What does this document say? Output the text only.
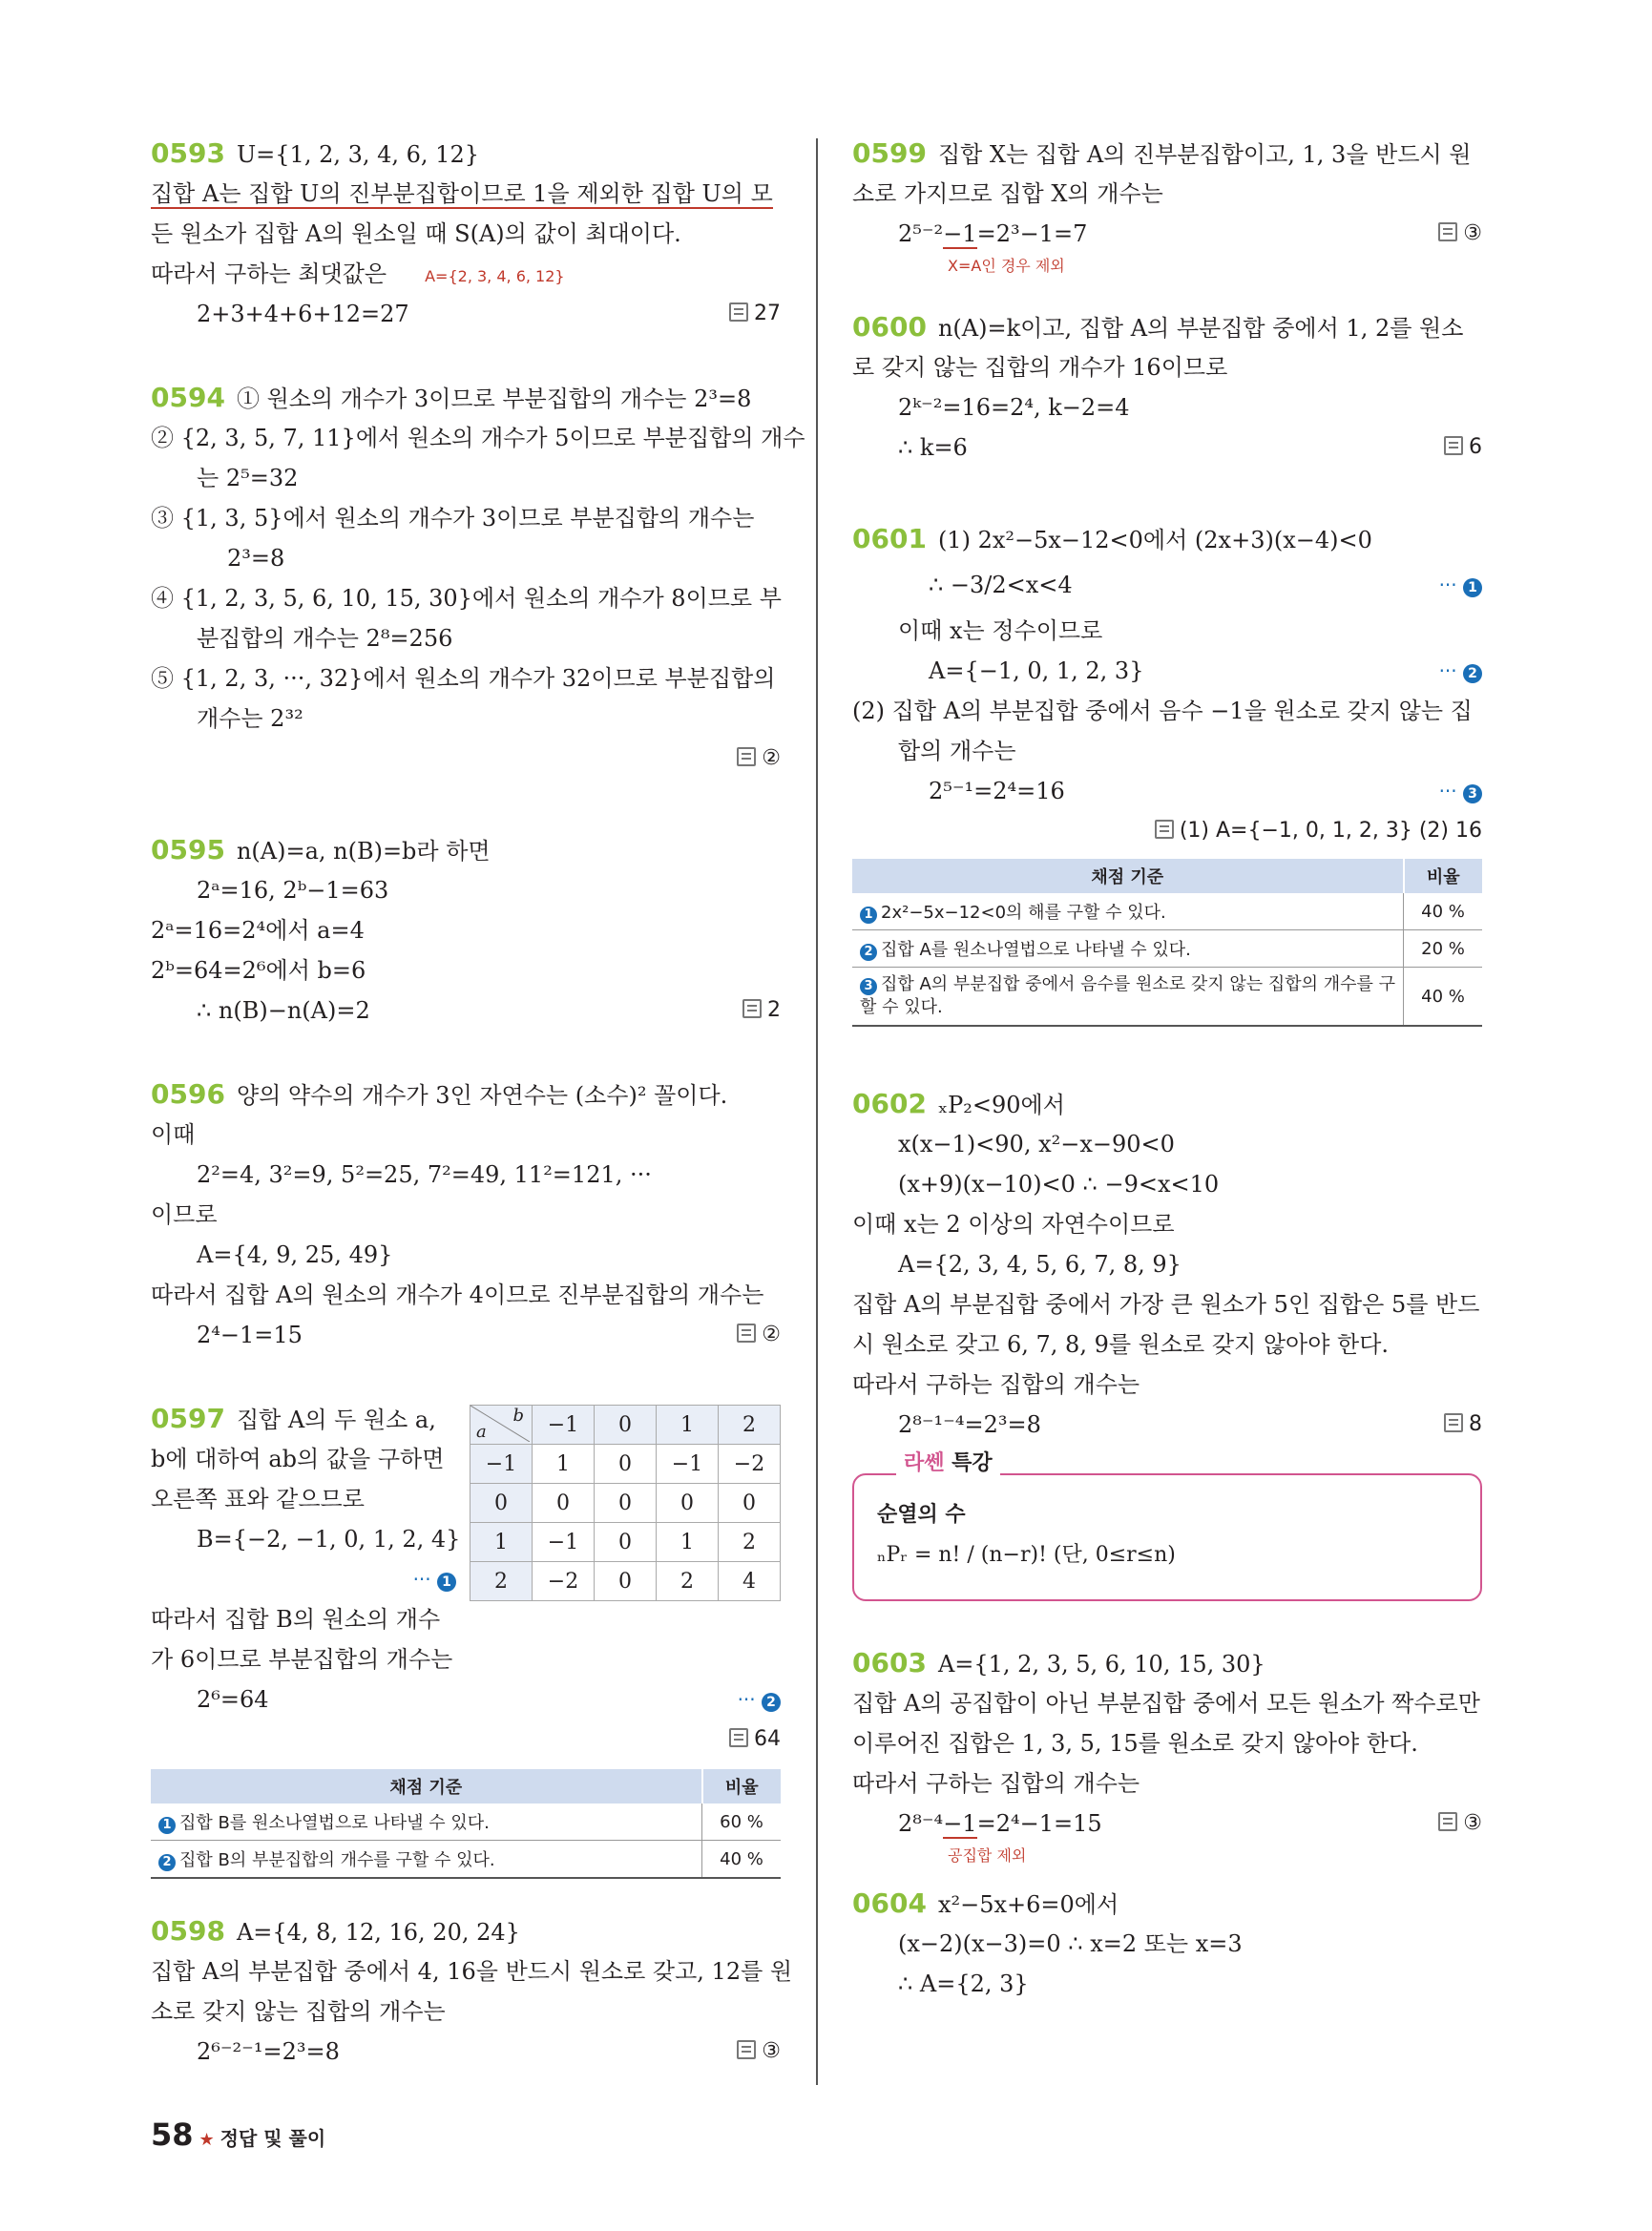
0593 U={1, 2, 3, 4, 6, 12}
집합 A는 집합 U의 진부분집합이므로 1을 제외한 집합 U의 모
든 원소가 집합 A의 원소일 때 S(A)의 값이 최대이다.
따라서 구하는 최댓값은	A={2, 3, 4, 6, 12}
2+3+4+6+12=27	27
0594 ① 원소의 개수가 3이므로 부분집합의 개수는 2³=8
② {2, 3, 5, 7, 11}에서 원소의 개수가 5이므로 부분집합의 개수
는 2⁵=32
③ {1, 3, 5}에서 원소의 개수가 3이므로 부분집합의 개수는
2³=8
④ {1, 2, 3, 5, 6, 10, 15, 30}에서 원소의 개수가 8이므로 부
분집합의 개수는 2⁸=256
⑤ {1, 2, 3, ···, 32}에서 원소의 개수가 32이므로 부분집합의
개수는 2³²
②
0595 n(A)=a, n(B)=b라 하면
2ᵃ=16, 2ᵇ−1=63
2ᵃ=16=2⁴에서 a=4
2ᵇ=64=2⁶에서 b=6
∴ n(B)−n(A)=2	2
0596 양의 약수의 개수가 3인 자연수는 (소수)² 꼴이다.
이때
2²=4, 3²=9, 5²=25, 7²=49, 11²=121, ···
이므로
A={4, 9, 25, 49}
따라서 집합 A의 원소의 개수가 4이므로 진부분집합의 개수는
2⁴−1=15	②
0597 집합 A의 두 원소 a,
b에 대하여 ab의 값을 구하면
오른쪽 표와 같으므로
B={−2, −1, 0, 1, 2, 4}
··· 1
따라서 집합 B의 원소의 개수
가 6이므로 부분집합의 개수는
2⁶=64	··· 2
64
a
b	−1	0	1	2
−1	1	0	−1	−2
0	0	0	0	0
1	−1	0	1	2
2	−2	0	2	4
채점 기준	비율
1 집합 B를 원소나열법으로 나타낼 수 있다.	60 %
2 집합 B의 부분집합의 개수를 구할 수 있다.	40 %
0598 A={4, 8, 12, 16, 20, 24}
집합 A의 부분집합 중에서 4, 16을 반드시 원소로 갖고, 12를 원
소로 갖지 않는 집합의 개수는
2⁶⁻²⁻¹=2³=8	③
0599 집합 X는 집합 A의 진부분집합이고, 1, 3을 반드시 원
소로 가지므로 집합 X의 개수는
2⁵⁻²−1=2³−1=7	③
X=A인 경우 제외
0600 n(A)=k이고, 집합 A의 부분집합 중에서 1, 2를 원소
로 갖지 않는 집합의 개수가 16이므로
2ᵏ⁻²=16=2⁴, k−2=4
∴ k=6	6
0601 (1) 2x²−5x−12<0에서 (2x+3)(x−4)<0
∴ −3/2<x<4	··· 1
이때 x는 정수이므로
A={−1, 0, 1, 2, 3}	··· 2
(2) 집합 A의 부분집합 중에서 음수 −1을 원소로 갖지 않는 집
합의 개수는
2⁵⁻¹=2⁴=16	··· 3
(1) A={−1, 0, 1, 2, 3} (2) 16
채점 기준	비율
1 2x²−5x−12<0의 해를 구할 수 있다.	40 %
2 집합 A를 원소나열법으로 나타낼 수 있다.	20 %
3 집합 A의 부분집합 중에서 음수를 원소로 갖지 않는 집합의 개수를 구할 수 있다.	40 %
0602 ₓP₂<90에서
x(x−1)<90, x²−x−90<0
(x+9)(x−10)<0 ∴ −9<x<10
이때 x는 2 이상의 자연수이므로
A={2, 3, 4, 5, 6, 7, 8, 9}
집합 A의 부분집합 중에서 가장 큰 원소가 5인 집합은 5를 반드
시 원소로 갖고 6, 7, 8, 9를 원소로 갖지 않아야 한다.
따라서 구하는 집합의 개수는
2⁸⁻¹⁻⁴=2³=8	8
라쎈 특강
순열의 수
ₙPᵣ = n! / (n−r)! (단, 0≤r≤n)
0603 A={1, 2, 3, 5, 6, 10, 15, 30}
집합 A의 공집합이 아닌 부분집합 중에서 모든 원소가 짝수로만
이루어진 집합은 1, 3, 5, 15를 원소로 갖지 않아야 한다.
따라서 구하는 집합의 개수는
2⁸⁻⁴−1=2⁴−1=15	③
공집합 제외
0604 x²−5x+6=0에서
(x−2)(x−3)=0 ∴ x=2 또는 x=3
∴ A={2, 3}
58 ★ 정답 및 풀이
